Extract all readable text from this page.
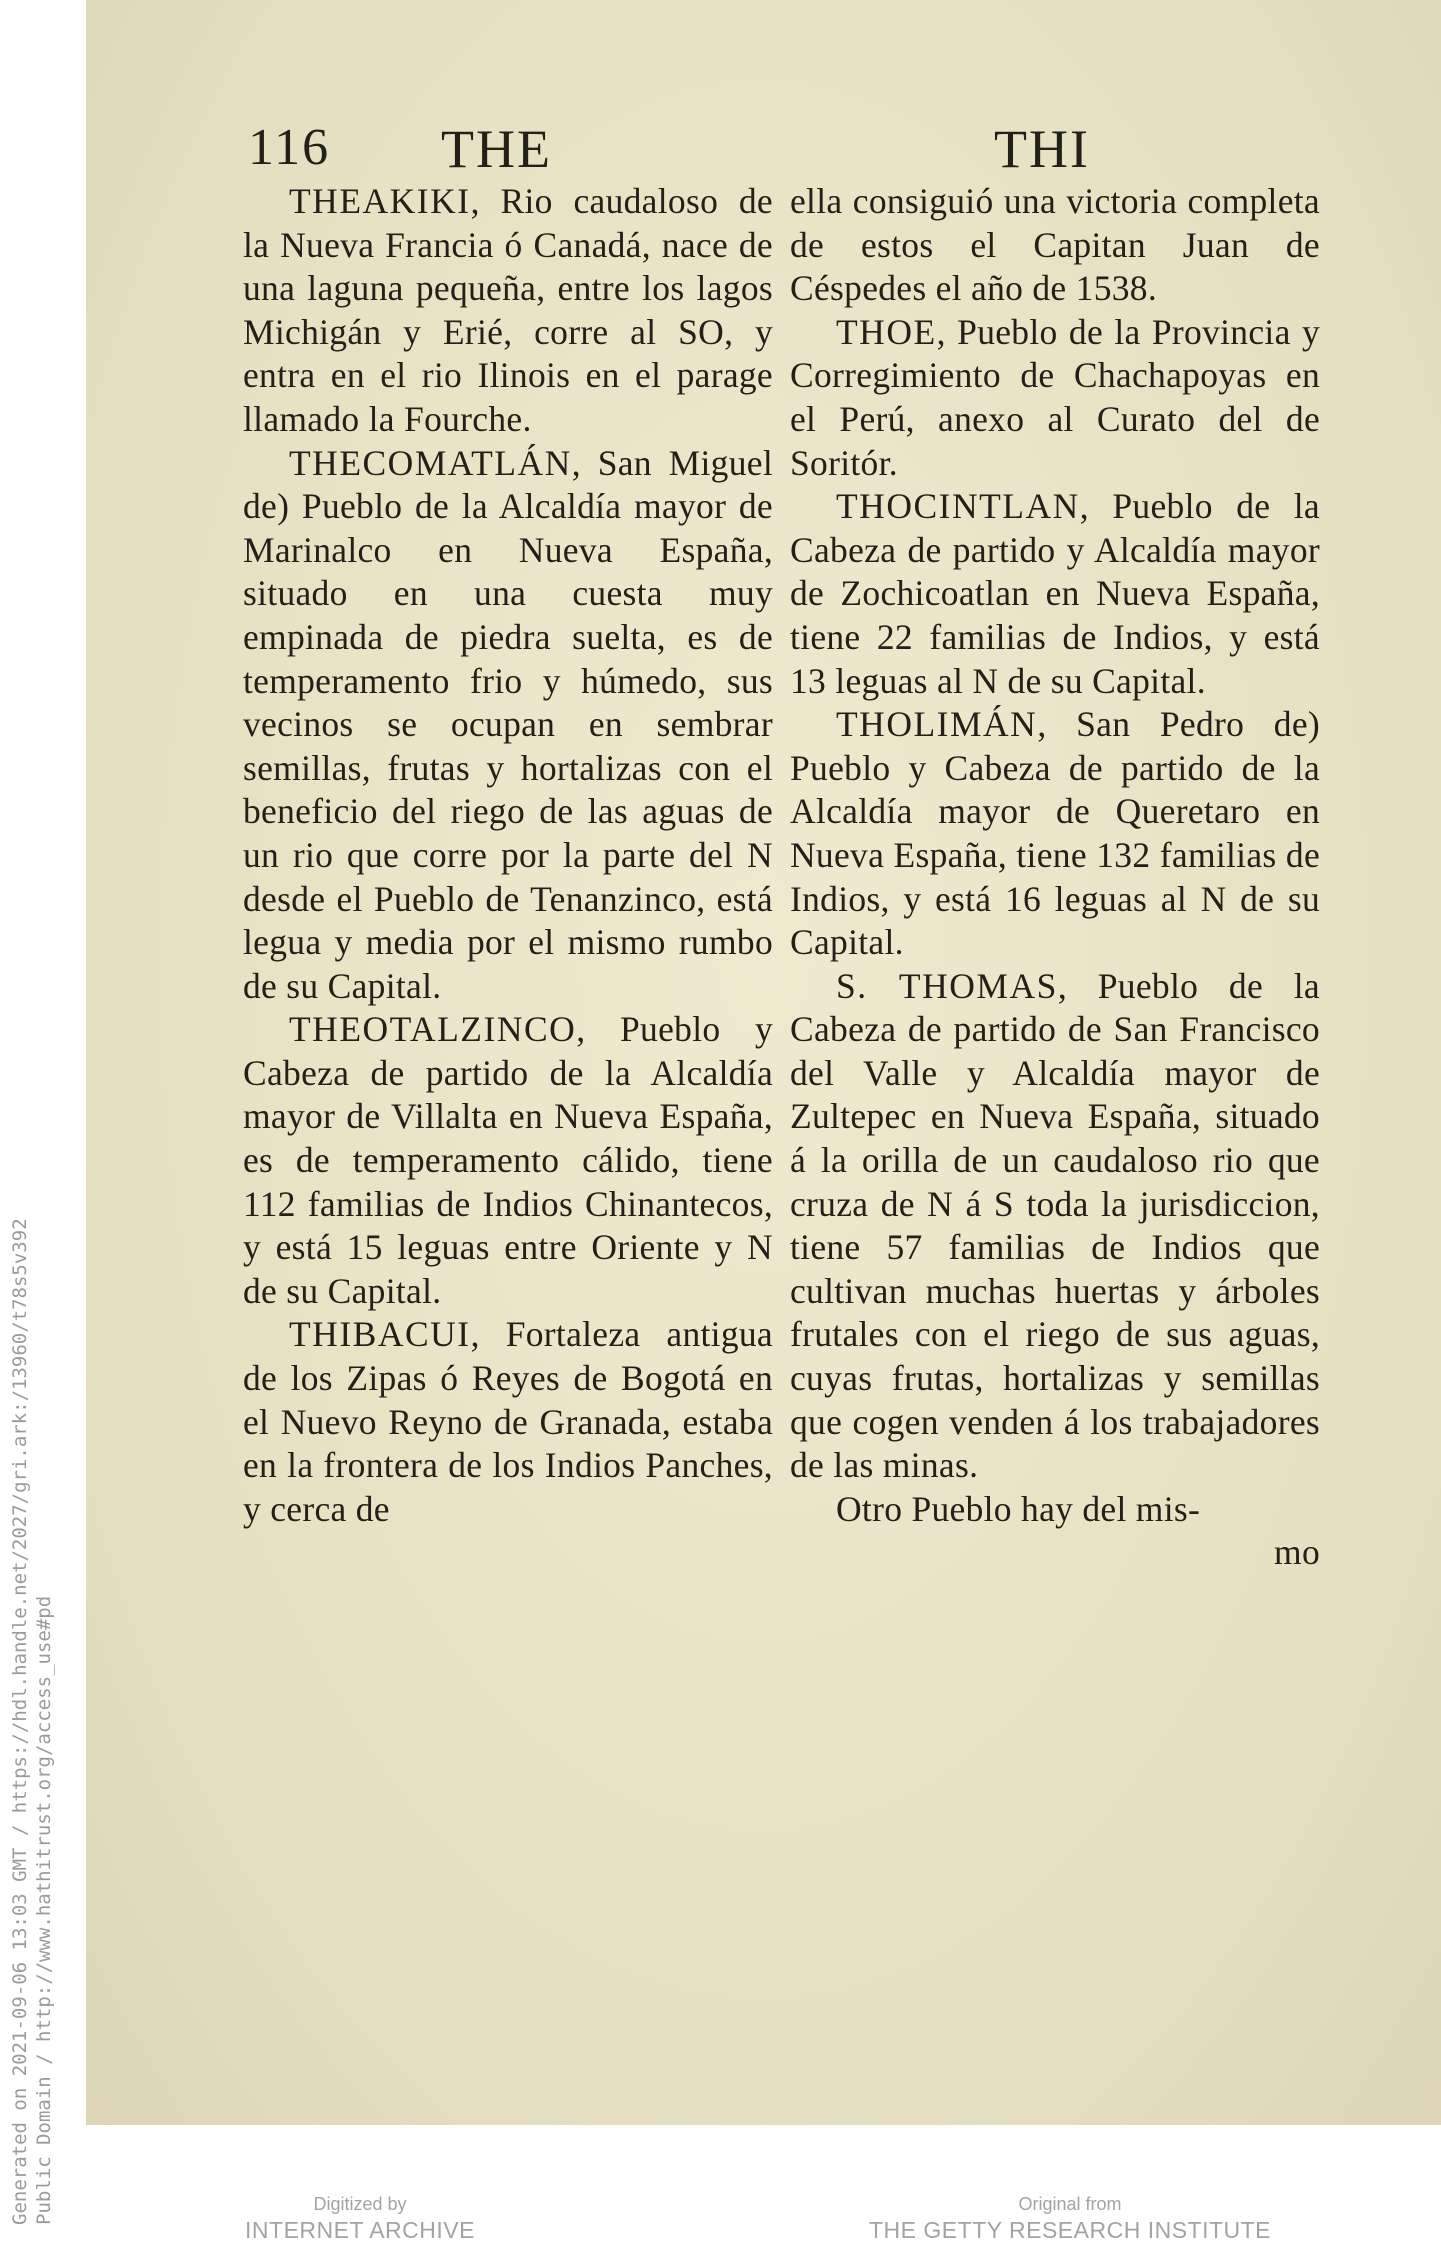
Generated on 2021-09-06 13:03 GMT / https://hdl.handle.net/2027/gri.ark:/13960/t78s5v392 Public Domain / http://www.hathitrust.org/access_use#pd
116 THE	THI

THEAKIKI, Rio caudaloso de la Nueva Francia ó Canadá, nace de una laguna pequeña, entre los lagos Michigán y Erié, corre al SO, y entra en el rio Ilinois en el parage llamado la Fourche.

THECOMATLÁN, San Miguel de) Pueblo de la Alcaldía mayor de Marinalco en Nueva España, situado en una cuesta muy empinada de piedra suelta, es de temperamento frio y húmedo, sus vecinos se ocupan en sembrar semillas, frutas y hortalizas con el beneficio del riego de las aguas de un rio que corre por la parte del N desde el Pueblo de Tenanzinco, está legua y media por el mismo rumbo de su Capital.

THEOTALZINCO, Pueblo y Cabeza de partido de la Alcaldía mayor de Villalta en Nueva España, es de temperamento cálido, tiene 112 familias de Indios Chinantecos, y está 15 leguas entre Oriente y N de su Capital.

THIBACUI, Fortaleza antigua de los Zipas ó Reyes de Bogotá en el Nuevo Reyno de Granada, estaba en la frontera de los Indios Panches, y cerca de

ella consiguió una victoria completa de estos el Capitan Juan de Céspedes el año de 1538.

THOE, Pueblo de la Provincia y Corregimiento de Chachapoyas en el Perú, anexo al Curato del de Soritór.

THOCINTLAN, Pueblo de la Cabeza de partido y Alcaldía mayor de Zochicoatlan en Nueva España, tiene 22 familias de Indios, y está 13 leguas al N de su Capital.

THOLIMÁN, San Pedro de) Pueblo y Cabeza de partido de la Alcaldía mayor de Queretaro en Nueva España, tiene 132 familias de Indios, y está 16 leguas al N de su Capital.

S. THOMAS, Pueblo de la Cabeza de partido de San Francisco del Valle y Alcaldía mayor de Zultepec en Nueva España, situado á la orilla de un caudaloso rio que cruza de N á S toda la jurisdiccion, tiene 57 familias de Indios que cultivan muchas huertas y árboles frutales con el riego de sus aguas, cuyas frutas, hortalizas y semillas que cogen venden á los trabajadores de las minas.

Otro Pueblo hay del mis-

mo

Digitized by
INTERNET ARCHIVE
Original from
THE GETTY RESEARCH INSTITUTE
